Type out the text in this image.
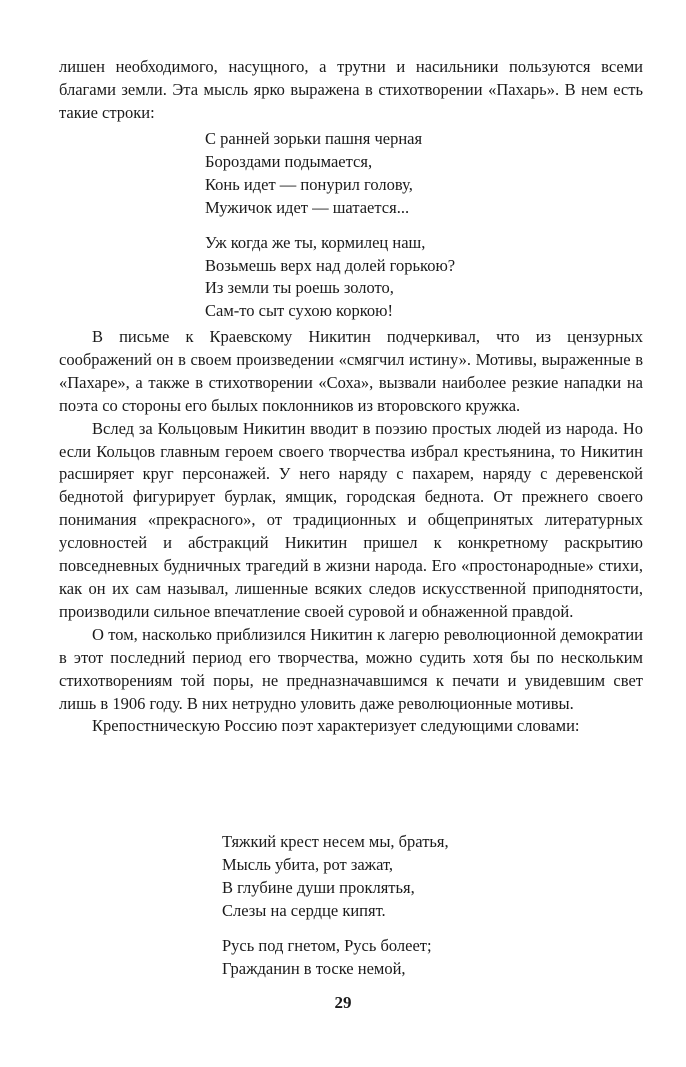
лишен необходимого, насущного, а трутни и насильники пользуются всеми благами земли. Эта мысль ярко выражена в стихотворении «Пахарь». В нем есть такие строки:

С ранней зорьки пашня черная
Бороздами подымается,
Конь идет — понурил голову,
Мужичок идет — шатается...
Уж когда же ты, кормилец наш,
Возьмешь верх над долей горькою?
Из земли ты роешь золото,
Сам-то сыт сухою коркою!

В письме к Краевскому Никитин подчеркивал, что из цензурных соображений он в своем произведении «смягчил истину». Мотивы, выраженные в «Пахаре», а также в стихотворении «Соха», вызвали наиболее резкие нападки на поэта со стороны его былых поклонников из второвского кружка.

Вслед за Кольцовым Никитин вводит в поэзию простых людей из народа. Но если Кольцов главным героем своего творчества избрал крестьянина, то Никитин расширяет круг персонажей. У него наряду с пахарем, наряду с деревенской беднотой фигурирует бурлак, ямщик, городская беднота. От прежнего своего понимания «прекрасного», от традиционных и общепринятых литературных условностей и абстракций Никитин пришел к конкретному раскрытию повседневных будничных трагедий в жизни народа. Его «простонародные» стихи, как он их сам называл, лишенные всяких следов искусственной приподнятости, производили сильное впечатление своей суровой и обнаженной правдой.

О том, насколько приблизился Никитин к лагерю революционной демократии в этот последний период его творчества, можно судить хотя бы по нескольким стихотворениям той поры, не предназначавшимся к печати и увидевшим свет лишь в 1906 году. В них нетрудно уловить даже революционные мотивы.

Крепостническую Россию поэт характеризует следующими словами:

Тяжкий крест несем мы, братья,
Мысль убита, рот зажат,
В глубине души проклятья,
Слезы на сердце кипят.
Русь под гнетом, Русь болеет;
Гражданин в тоске немой,
29
